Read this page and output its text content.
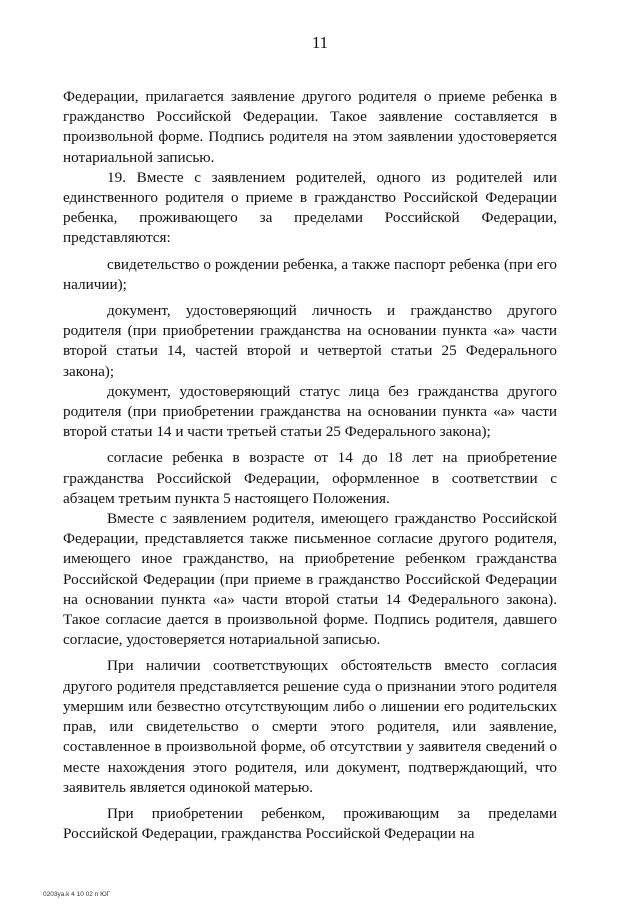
11

Федерации, прилагается заявление другого родителя о приеме ребенка в гражданство Российской Федерации. Такое заявление составляется в произвольной форме. Подпись родителя на этом заявлении удостоверяется нотариальной записью.

19. Вместе с заявлением родителей, одного из родителей или единственного родителя о приеме в гражданство Российской Федерации ребенка, проживающего за пределами Российской Федерации, представляются:

свидетельство о рождении ребенка, а также паспорт ребенка (при его наличии);

документ, удостоверяющий личность и гражданство другого родителя (при приобретении гражданства на основании пункта «а» части второй статьи 14, частей второй и четвертой статьи 25 Федерального закона);

документ, удостоверяющий статус лица без гражданства другого родителя (при приобретении гражданства на основании пункта «а» части второй статьи 14 и части третьей статьи 25 Федерального закона);

согласие ребенка в возрасте от 14 до 18 лет на приобретение гражданства Российской Федерации, оформленное в соответствии с абзацем третьим пункта 5 настоящего Положения.

Вместе с заявлением родителя, имеющего гражданство Российской Федерации, представляется также письменное согласие другого родителя, имеющего иное гражданство, на приобретение ребенком гражданства Российской Федерации (при приеме в гражданство Российской Федерации на основании пункта «а» части второй статьи 14 Федерального закона). Такое согласие дается в произвольной форме. Подпись родителя, давшего согласие, удостоверяется нотариальной записью.

При наличии соответствующих обстоятельств вместо согласия другого родителя представляется решение суда о признании этого родителя умершим или безвестно отсутствующим либо о лишении его родительских прав, или свидетельство о смерти этого родителя, или заявление, составленное в произвольной форме, об отсутствии у заявителя сведений о месте нахождения этого родителя, или документ, подтверждающий, что заявитель является одинокой матерью.

При приобретении ребенком, проживающим за пределами Российской Федерации, гражданства Российской Федерации на

0203ya.k 4 10 02 n ЮГ
